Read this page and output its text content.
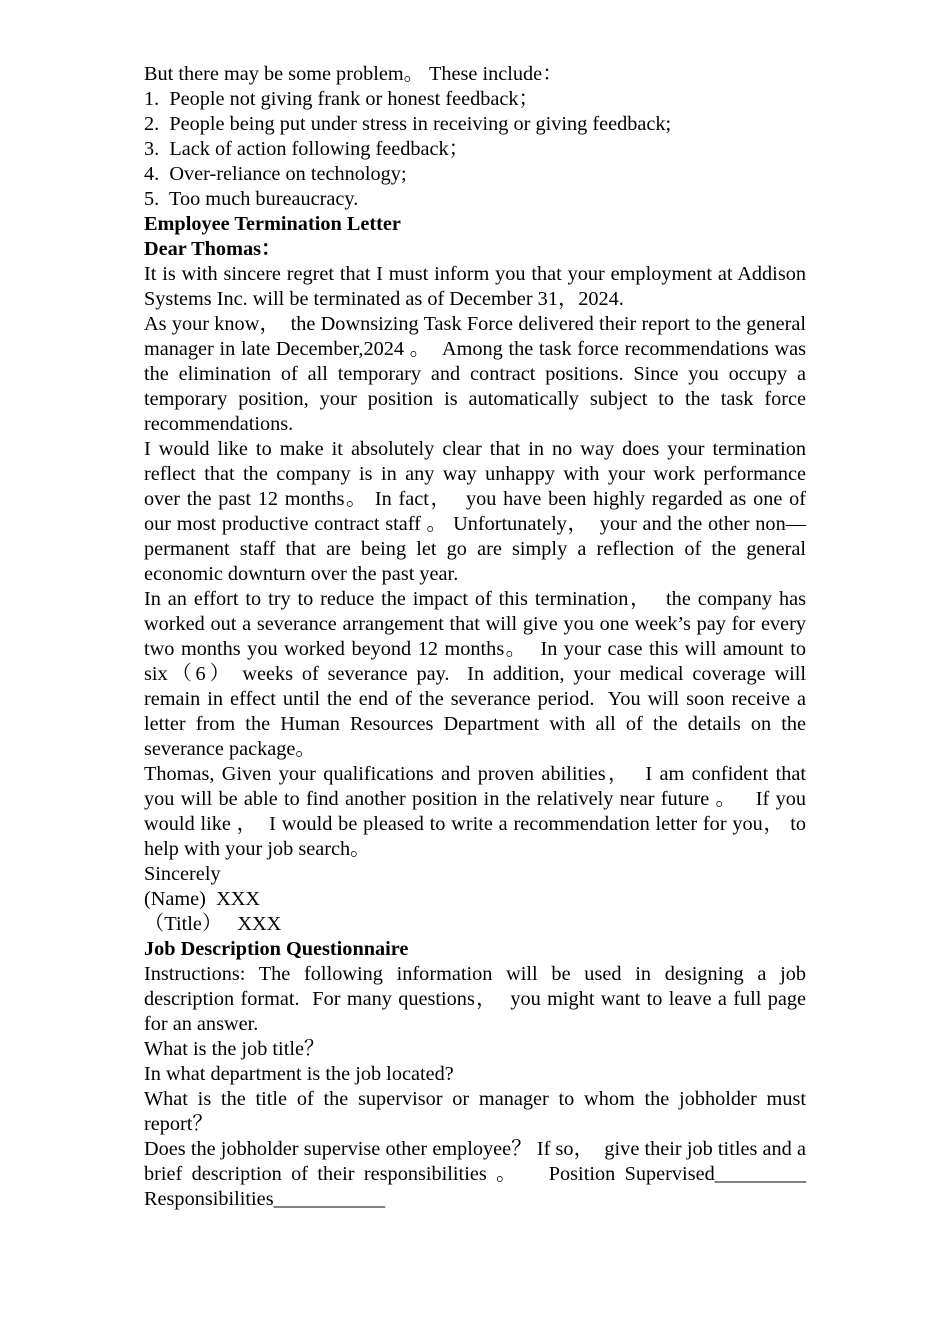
But there may be some problem。 These include：

1.  People not giving frank or honest feedback；

2.  People being put under stress in receiving or giving feedback;

3.  Lack of action following feedback；

4.  Over-reliance on technology;

5.  Too much bureaucracy.

Employee Termination Letter

Dear Thomas：

It is with sincere regret that I must inform you that your employment at Addison Systems Inc. will be terminated as of December 31，2024.

As your know，  the Downsizing Task Force delivered their report to the general manager in late December,2024 。  Among the task force recommendations was the elimination of all temporary and contract positions. Since you occupy a temporary position, your position is automatically subject to the task force recommendations.

I would like to make it absolutely clear that in no way does your termination reflect that the company is in any way unhappy with your work performance over the past 12 months。 In fact，  you have been highly regarded as one of our most productive contract staff 。 Unfortunately，  your and the other non—permanent staff that are being let go are simply a reflection of the general economic downturn over the past year.

In an effort to try to reduce the impact of this termination，  the company has worked out a severance arrangement that will give you one week’s pay for every two months you worked beyond 12 months。  In your case this will amount to six（6） weeks of severance pay.  In addition, your medical coverage will remain in effect until the end of the severance period.  You will soon receive a letter from the Human Resources Department with all of the details on the severance package。

Thomas, Given your qualifications and proven abilities，  I am confident that you will be able to find another position in the relatively near future 。   If you would like ，  I would be pleased to write a recommendation letter for you， to help with your job search。

Sincerely

(Name)  XXX

（Title）   XXX

Job Description Questionnaire

Instructions: The following information will be used in designing a job description format.  For many questions，  you might want to leave a full page for an answer.

What is the job title？

In what department is the job located?

What is the title of the supervisor or manager to whom the jobholder must report？

Does the jobholder supervise other employee？ If so，  give their job titles and a brief description of their responsibilities 。   Position Supervised_________  Responsibilities___________
